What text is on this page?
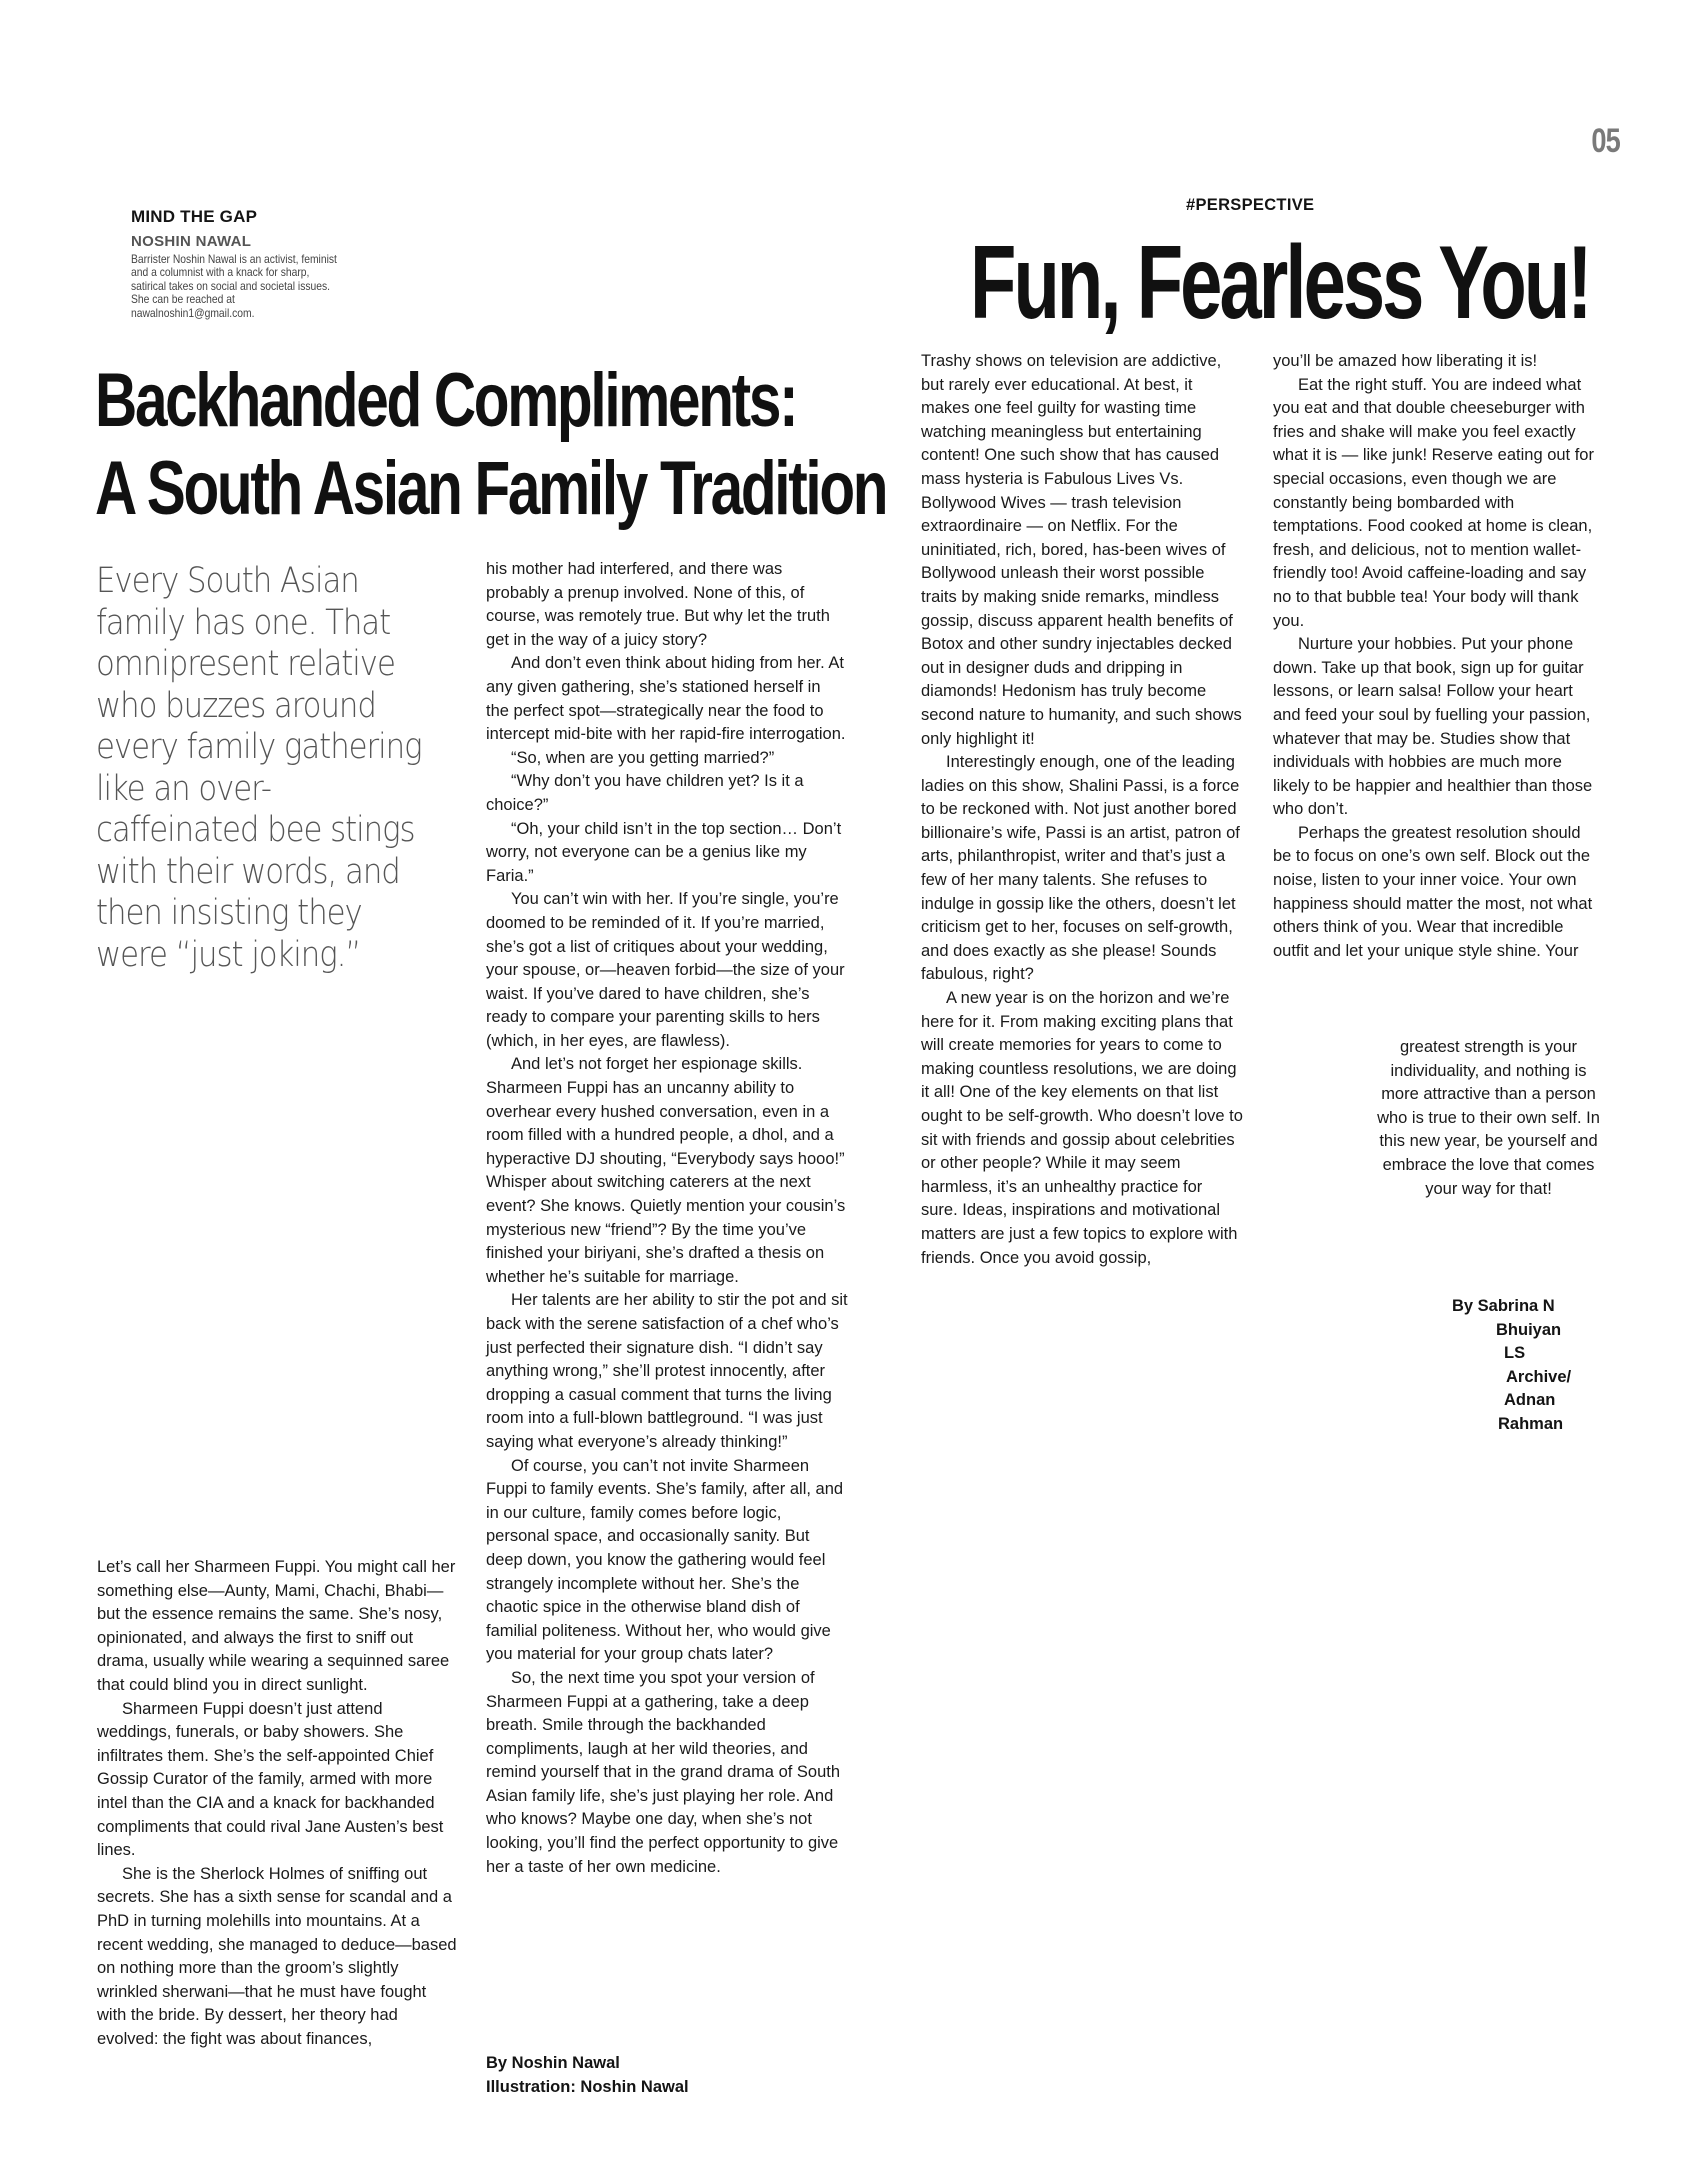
05
MIND THE GAP
NOSHIN NAWAL
Barrister Noshin Nawal is an activist, feminist and a columnist with a knack for sharp, satirical takes on social and societal issues. She can be reached at nawalnoshin1@gmail.com.
Backhanded Compliments:
A South Asian Family Tradition
Every South Asian family has one. That omnipresent relative who buzzes around every family gathering like an over-caffeinated bee stings with their words, and then insisting they were “just joking.”

Let’s call her Sharmeen Fuppi. You might call her something else—Aunty, Mami, Chachi, Bhabi—but the essence remains the same. She’s nosy, opinionated, and always the first to sniff out drama, usually while wearing a sequinned saree that could blind you in direct sunlight.

Sharmeen Fuppi doesn’t just attend weddings, funerals, or baby showers. She infiltrates them. She’s the self-appointed Chief Gossip Curator of the family, armed with more intel than the CIA and a knack for backhanded compliments that could rival Jane Austen’s best lines.

She is the Sherlock Holmes of sniffing out secrets. She has a sixth sense for scandal and a PhD in turning molehills into mountains. At a recent wedding, she managed to deduce—based on nothing more than the groom’s slightly wrinkled sherwani—that he must have fought with the bride. By dessert, her theory had evolved: the fight was about finances,

his mother had interfered, and there was probably a prenup involved. None of this, of course, was remotely true. But why let the truth get in the way of a juicy story?

And don’t even think about hiding from her. At any given gathering, she’s stationed herself in the perfect spot—strategically near the food to intercept mid-bite with her rapid-fire interrogation.

“So, when are you getting married?”

“Why don’t you have children yet? Is it a choice?”

“Oh, your child isn’t in the top section… Don’t worry, not everyone can be a genius like my Faria.”

You can’t win with her. If you’re single, you’re doomed to be reminded of it. If you’re married, she’s got a list of critiques about your wedding, your spouse, or—heaven forbid—the size of your waist. If you’ve dared to have children, she’s ready to compare your parenting skills to hers (which, in her eyes, are flawless).

And let’s not forget her espionage skills. Sharmeen Fuppi has an uncanny ability to overhear every hushed conversation, even in a room filled with a hundred people, a dhol, and a hyperactive DJ shouting, “Everybody says hooo!” Whisper about switching caterers at the next event? She knows. Quietly mention your cousin’s mysterious new “friend”? By the time you’ve finished your biriyani, she’s drafted a thesis on whether he’s suitable for marriage.

Her talents are her ability to stir the pot and sit back with the serene satisfaction of a chef who’s just perfected their signature dish. “I didn’t say anything wrong,” she’ll protest innocently, after dropping a casual comment that turns the living room into a full-blown battleground. “I was just saying what everyone’s already thinking!”

Of course, you can’t not invite Sharmeen Fuppi to family events. She’s family, after all, and in our culture, family comes before logic, personal space, and occasionally sanity. But deep down, you know the gathering would feel strangely incomplete without her. She’s the chaotic spice in the otherwise bland dish of familial politeness. Without her, who would give you material for your group chats later?

So, the next time you spot your version of Sharmeen Fuppi at a gathering, take a deep breath. Smile through the backhanded compliments, laugh at her wild theories, and remind yourself that in the grand drama of South Asian family life, she’s just playing her role. And who knows? Maybe one day, when she’s not looking, you’ll find the perfect opportunity to give her a taste of her own medicine.

By Noshin Nawal
Illustration: Noshin Nawal
#PERSPECTIVE
Fun, Fearless You!

Trashy shows on television are addictive, but rarely ever educational. At best, it makes one feel guilty for wasting time watching meaningless but entertaining content! One such show that has caused mass hysteria is Fabulous Lives Vs. Bollywood Wives — trash television extraordinaire — on Netflix. For the uninitiated, rich, bored, has-been wives of Bollywood unleash their worst possible traits by making snide remarks, mindless gossip, discuss apparent health benefits of Botox and other sundry injectables decked out in designer duds and dripping in diamonds! Hedonism has truly become second nature to humanity, and such shows only highlight it!

Interestingly enough, one of the leading ladies on this show, Shalini Passi, is a force to be reckoned with. Not just another bored billionaire’s wife, Passi is an artist, patron of arts, philanthropist, writer and that’s just a few of her many talents. She refuses to indulge in gossip like the others, doesn’t let criticism get to her, focuses on self-growth, and does exactly as she please! Sounds fabulous, right?

A new year is on the horizon and we’re here for it. From making exciting plans that will create memories for years to come to making countless resolutions, we are doing it all! One of the key elements on that list ought to be self-growth. Who doesn’t love to sit with friends and gossip about celebrities or other people? While it may seem harmless, it’s an unhealthy practice for sure. Ideas, inspirations and motivational matters are just a few topics to explore with friends. Once you avoid gossip,

you’ll be amazed how liberating it is!

Eat the right stuff. You are indeed what you eat and that double cheeseburger with fries and shake will make you feel exactly what it is — like junk! Reserve eating out for special occasions, even though we are constantly being bombarded with temptations. Food cooked at home is clean, fresh, and delicious, not to mention wallet-friendly too! Avoid caffeine-loading and say no to that bubble tea! Your body will thank you.

Nurture your hobbies. Put your phone down. Take up that book, sign up for guitar lessons, or learn salsa! Follow your heart and feed your soul by fuelling your passion, whatever that may be. Studies show that individuals with hobbies are much more likely to be happier and healthier than those who don’t.

Perhaps the greatest resolution should be to focus on one’s own self. Block out the noise, listen to your inner voice. Your own happiness should matter the most, not what others think of you. Wear that incredible outfit and let your unique style shine. Your

greatest strength is your individuality, and nothing is more attractive than a person who is true to their own self. In this new year, be yourself and embrace the love that comes your way for that!

By Sabrina N
Bhuiyan
LS
Archive/
Adnan
Rahman
